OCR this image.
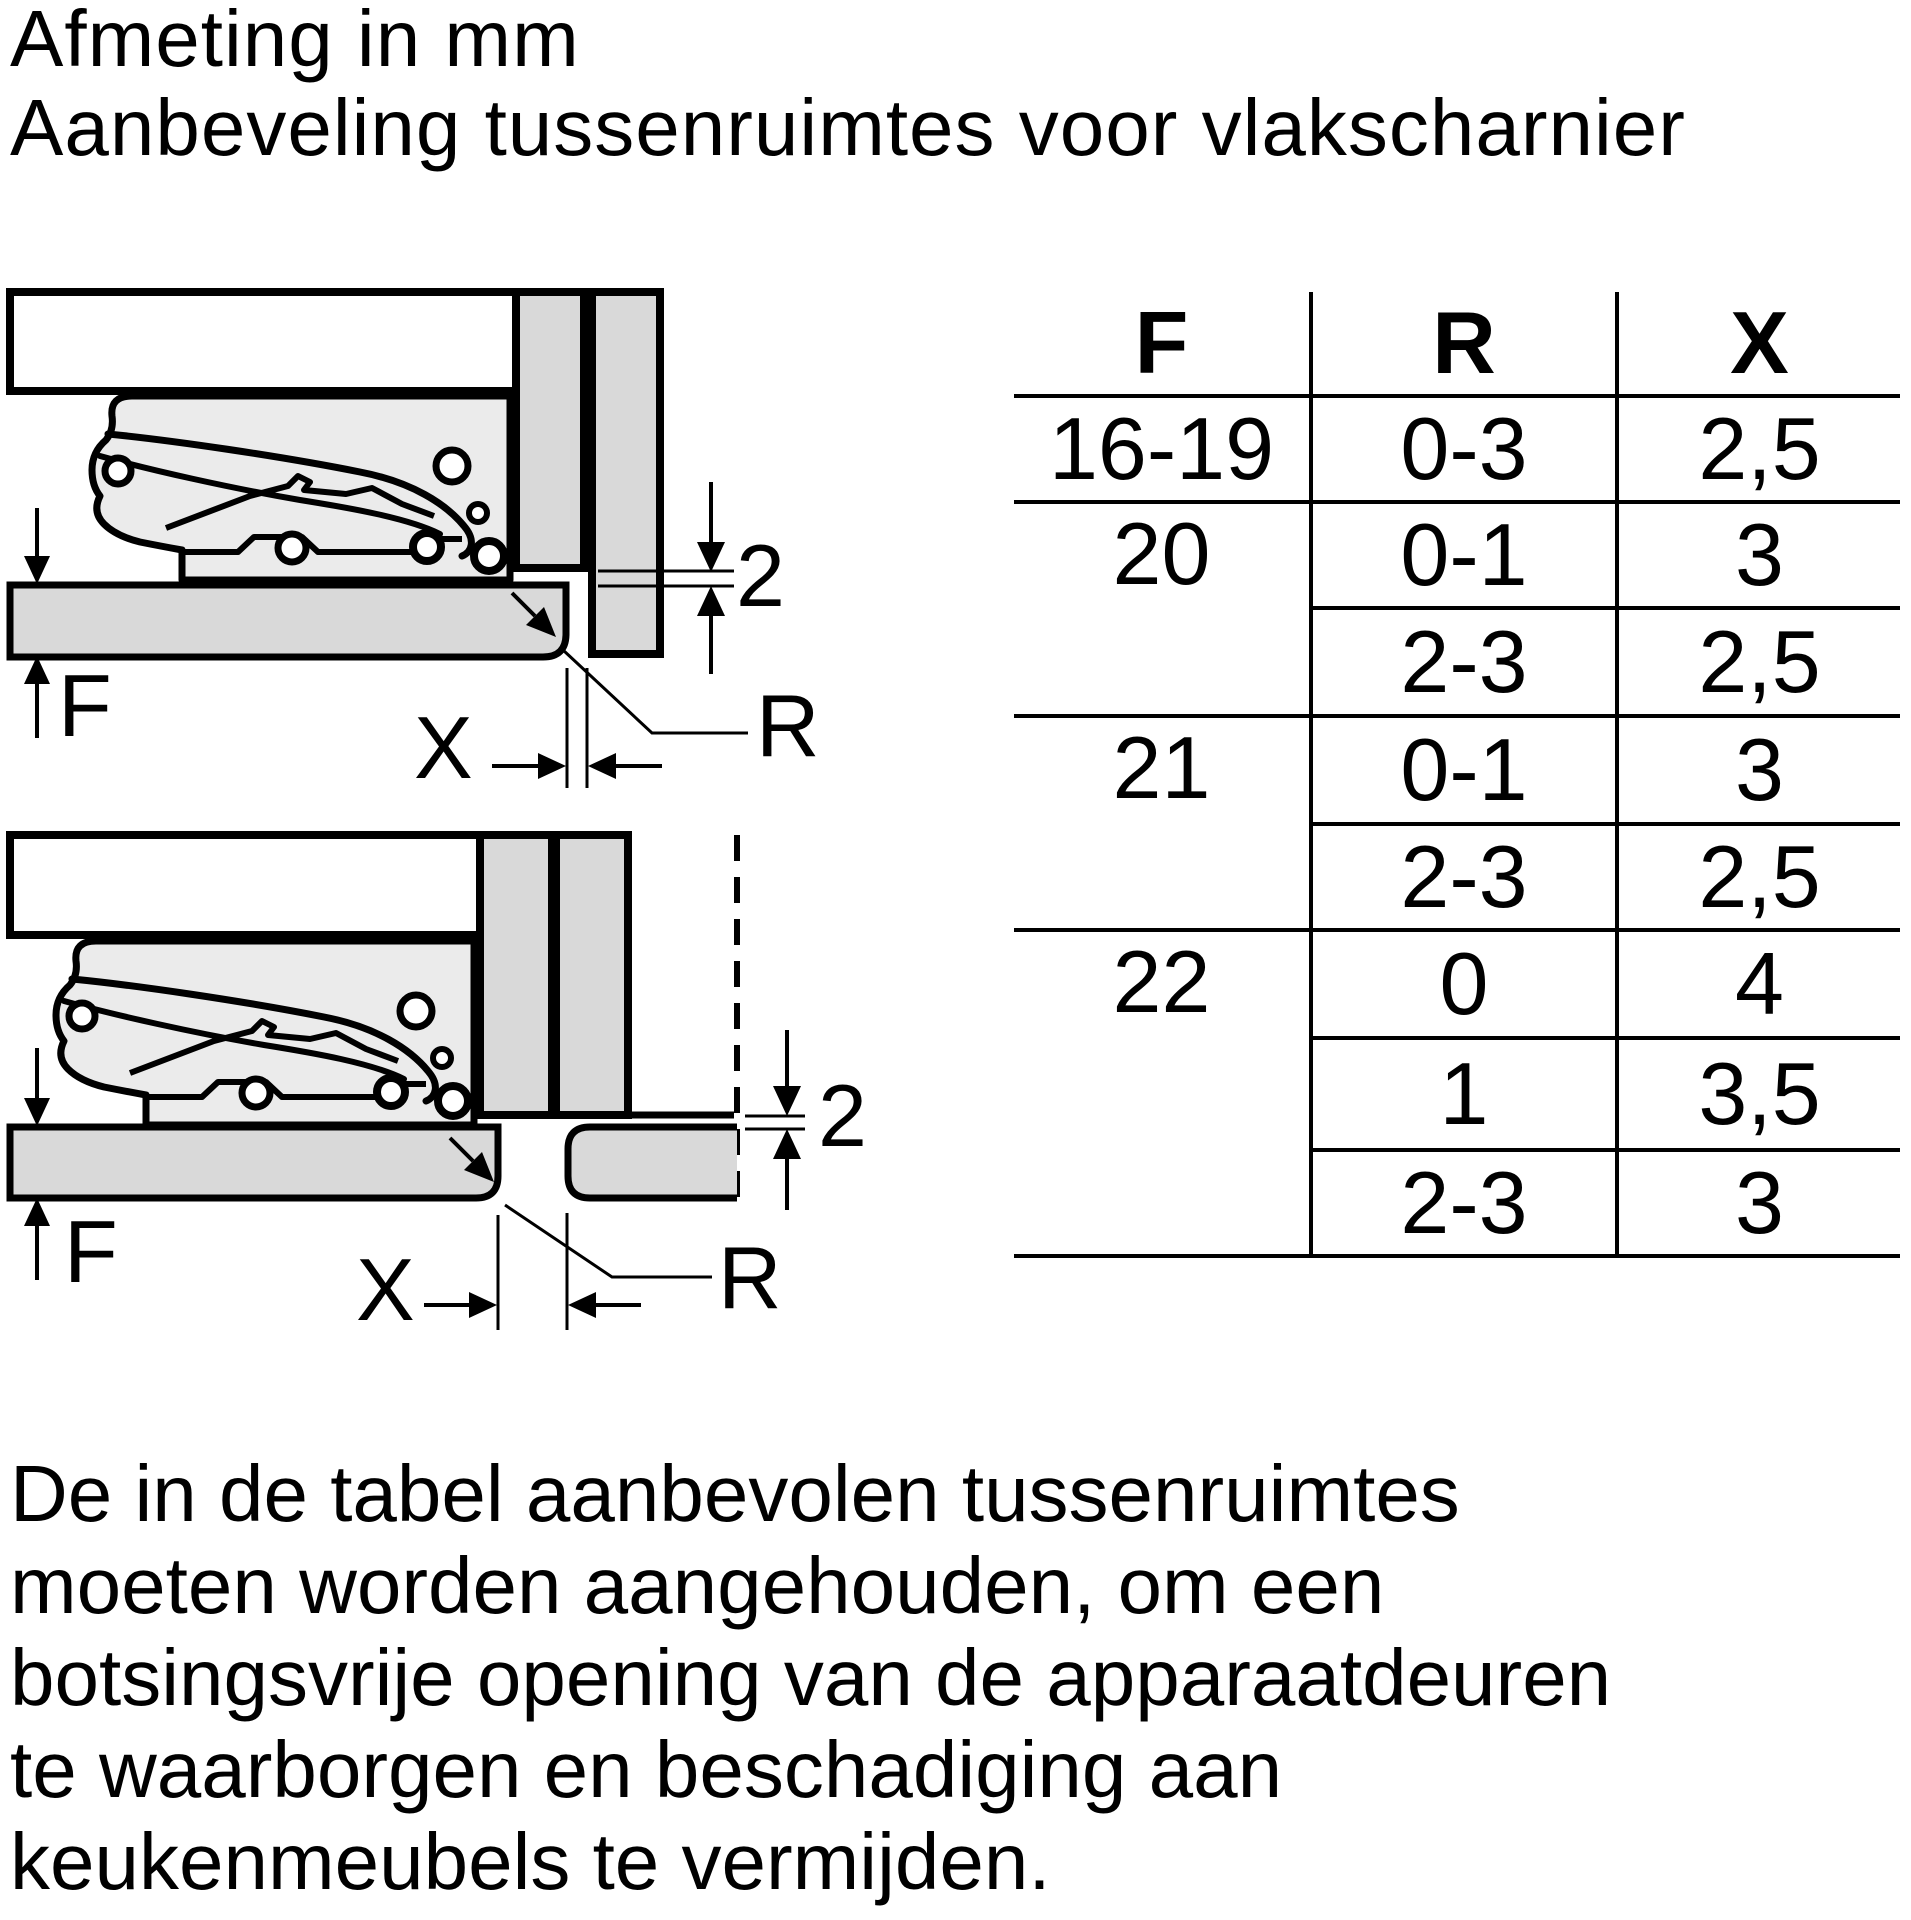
2
F	X	R
2
F	X	R
Afmeting in mm
Aanbeveling tussenruimtes voor vlakscharnier
F	R	X
16-19	0-3	2,5
20	0-1	3
	2-3	2,5
21	0-1	3
	2-3	2,5
22	0	4
	1	3,5
	2-3	3
De in de tabel aanbevolen tussenruimtes
moeten worden aangehouden, om een
botsingsvrije opening van de apparaatdeuren
te waarborgen en beschadiging aan
keukenmeubels te vermijden.
